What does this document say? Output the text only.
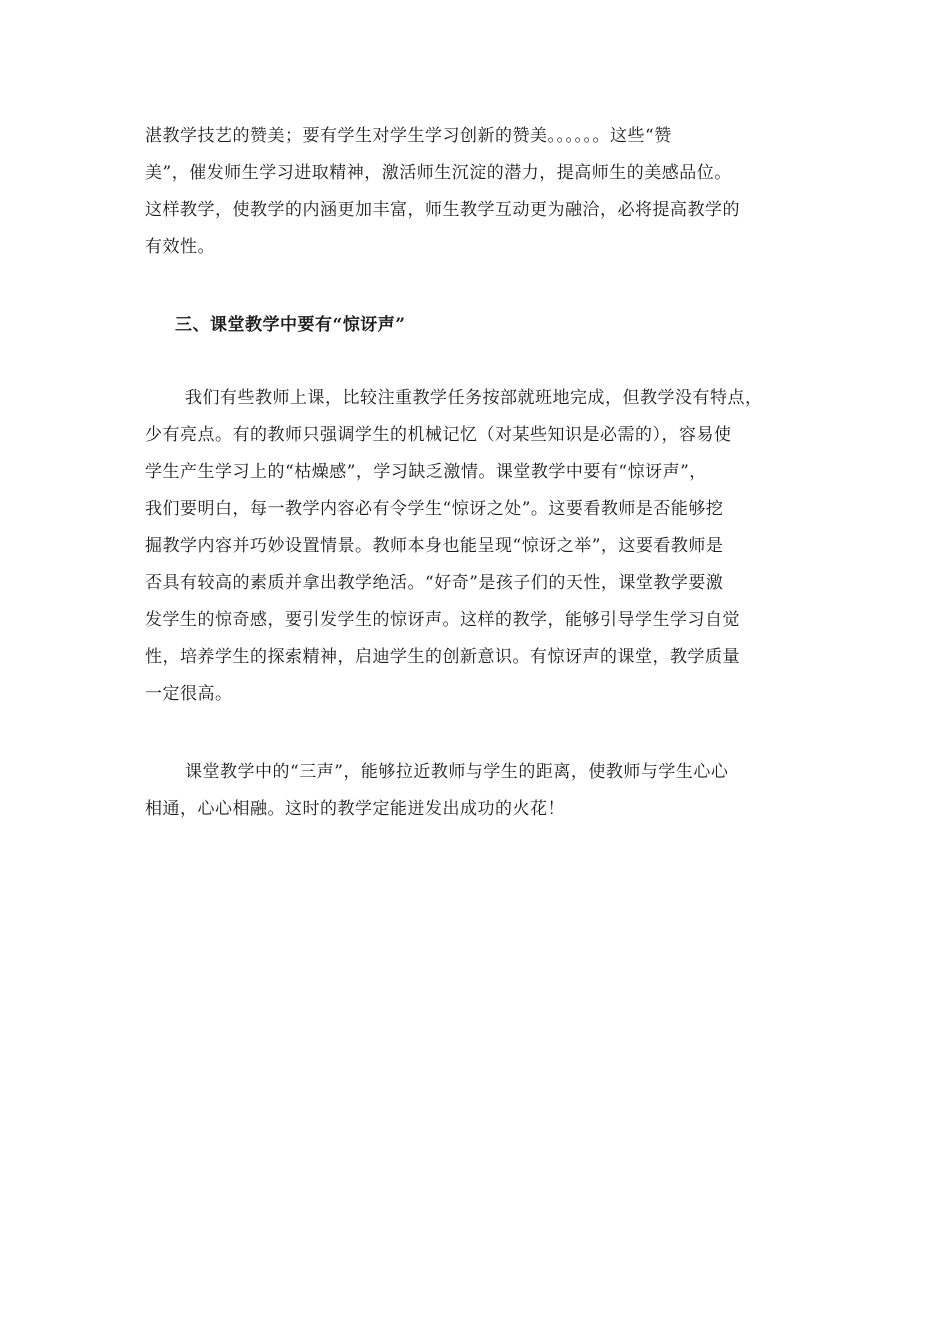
湛教学技艺的赞美；要有学生对学生学习创新的赞美。。。。。。这些“赞
美”，催发师生学习进取精神，激活师生沉淀的潜力，提高师生的美感品位。
这样教学，使教学的内涵更加丰富，师生教学互动更为融洽，必将提高教学的
有效性。
三、课堂教学中要有“惊讶声”
我们有些教师上课，比较注重教学任务按部就班地完成，但教学没有特点，
少有亮点。有的教师只强调学生的机械记忆（对某些知识是必需的），容易使
学生产生学习上的“枯燥感”，学习缺乏激情。课堂教学中要有“惊讶声”，
我们要明白，每一教学内容必有令学生“惊讶之处”。这要看教师是否能够挖
掘教学内容并巧妙设置情景。教师本身也能呈现“惊讶之举”，这要看教师是
否具有较高的素质并拿出教学绝活。“好奇”是孩子们的天性，课堂教学要激
发学生的惊奇感，要引发学生的惊讶声。这样的教学，能够引导学生学习自觉
性，培养学生的探索精神，启迪学生的创新意识。有惊讶声的课堂，教学质量
一定很高。
课堂教学中的“三声”，能够拉近教师与学生的距离，使教师与学生心心
相通，心心相融。这时的教学定能迸发出成功的火花！
